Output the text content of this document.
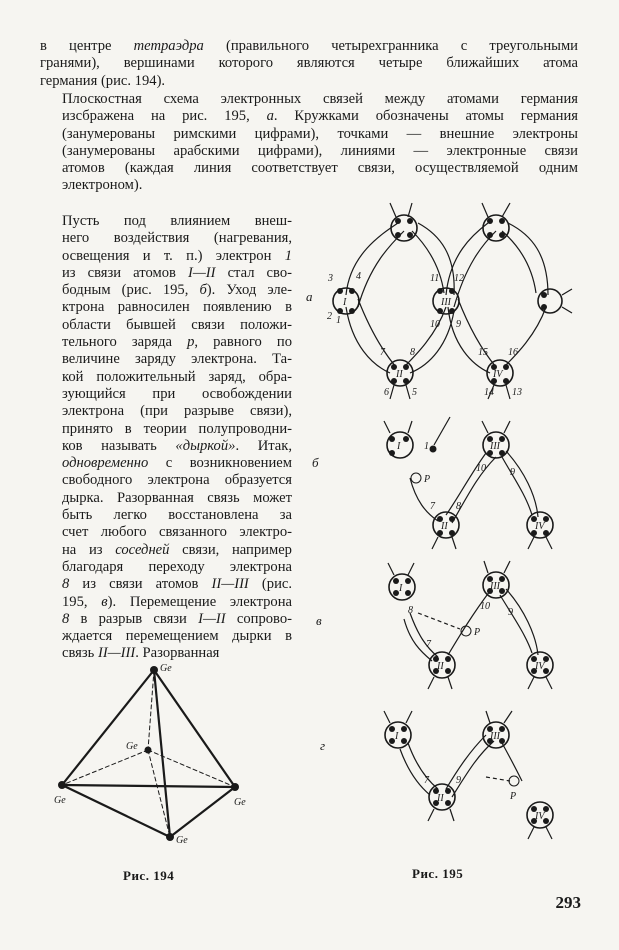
в центре тетраэдра (правильного четырехгранника с треугольными
гранями), вершинами которого являются четыре ближайших атома
германия (рис. 194).
Плоскостная схема электронных связей между атомами германия
изсбражена на рис. 195, а. Кружками обозначены атомы германия
(занумерованы римскими цифрами), точками — внешние электроны
(занумерованы арабскими цифрами), линиями — электронные связи
атомов (каждая линия соответствует связи, осуществляемой одним
электроном).
Пусть под влиянием внеш-
него воздействия (нагревания,
освещения и т. п.) электрон 1
из связи атомов I—II стал сво-
бодным (рис. 195, б). Уход эле-
ктрона равносилен появлению в
области бывшей связи положи-
тельного заряда p, равного по
величине заряду электрона. Та-
кой положительный заряд, обра-
зующийся при освобождении
электрона (при разрыве связи),
принято в теории полупроводни-
ков называть «дыркой». Итак,
одновременно с возникновением
свободного электрона образуется
дырка. Разорванная связь может
быть легко восстановлена за
счет любого связанного электро-
на из соседней связи, например
благодаря переходу электрона
8 из связи атомов II—III (рис.
195, в). Перемещение электрона
8 в разрыв связи I—II сопрово-
ждается перемещением дырки в
связь II—III. Разорванная
Ge
Ge
Ge	Ge
Ge
Рис. 194
а
б
в
г
I
II
III
IV
1
2
3 4
5
6
7	8
9
10
11 12
13
14
15 16
I	III
II	IV
1
P
7 8
9
10
I	III
II	IV
8
P
7
10
9
I	III
II
IV
7	9
P
Рис. 195
293
